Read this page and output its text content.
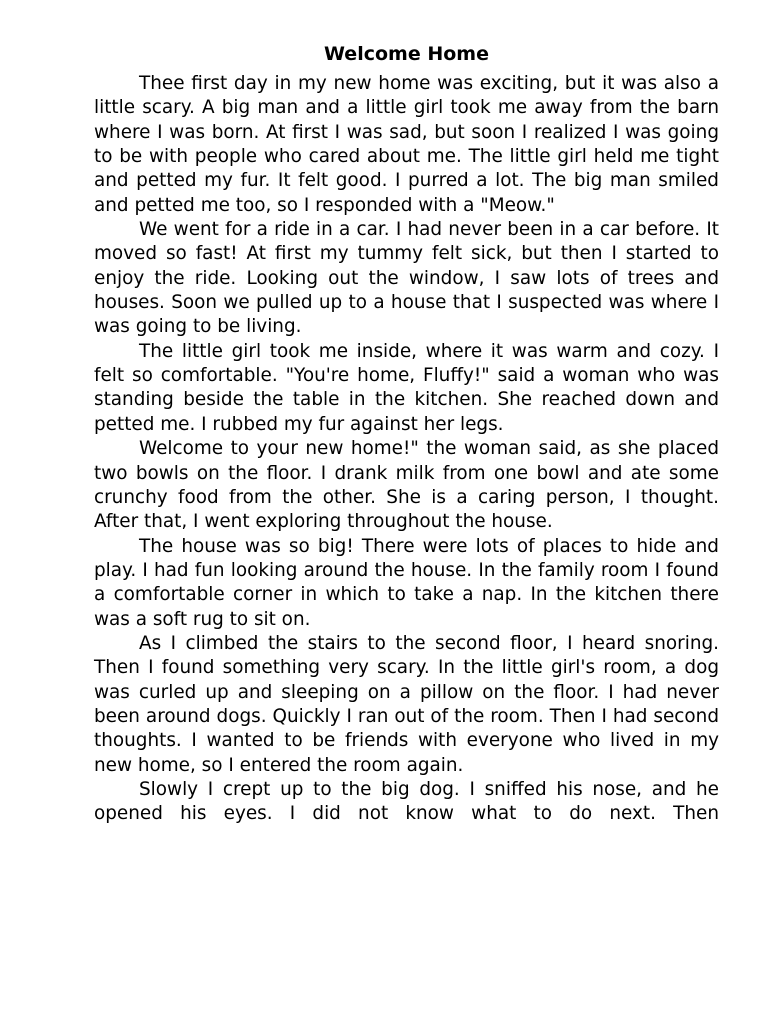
Welcome Home

Thee first day in my new home was exciting, but it was also a little scary. A big man and a little girl took me away from the barn where I was born. At first I was sad, but soon I realized I was going to be with people who cared about me. The little girl held me tight and petted my fur. It felt good. I purred a lot. The big man smiled and petted me too, so I responded with a "Meow."

We went for a ride in a car. I had never been in a car before. It moved so fast! At first my tummy felt sick, but then I started to enjoy the ride. Looking out the window, I saw lots of trees and houses. Soon we pulled up to a house that I suspected was where I was going to be living.

The little girl took me inside, where it was warm and cozy. I felt so comfortable. "You're home, Fluffy!" said a woman who was standing beside the table in the kitchen. She reached down and petted me. I rubbed my fur against her legs.

Welcome to your new home!" the woman said, as she placed two bowls on the floor. I drank milk from one bowl and ate some crunchy food from the other. She is a caring person, I thought. After that, I went exploring throughout the house.

The house was so big! There were lots of places to hide and play. I had fun looking around the house. In the family room I found a comfortable corner in which to take a nap. In the kitchen there was a soft rug to sit on.

As I climbed the stairs to the second floor, I heard snoring. Then I found something very scary. In the little girl's room, a dog was curled up and sleeping on a pillow on the floor. I had never been around dogs. Quickly I ran out of the room. Then I had second thoughts. I wanted to be friends with everyone who lived in my new home, so I entered the room again.

Slowly I crept up to the big dog. I sniffed his nose, and he opened his eyes. I did not know what to do next. Then
